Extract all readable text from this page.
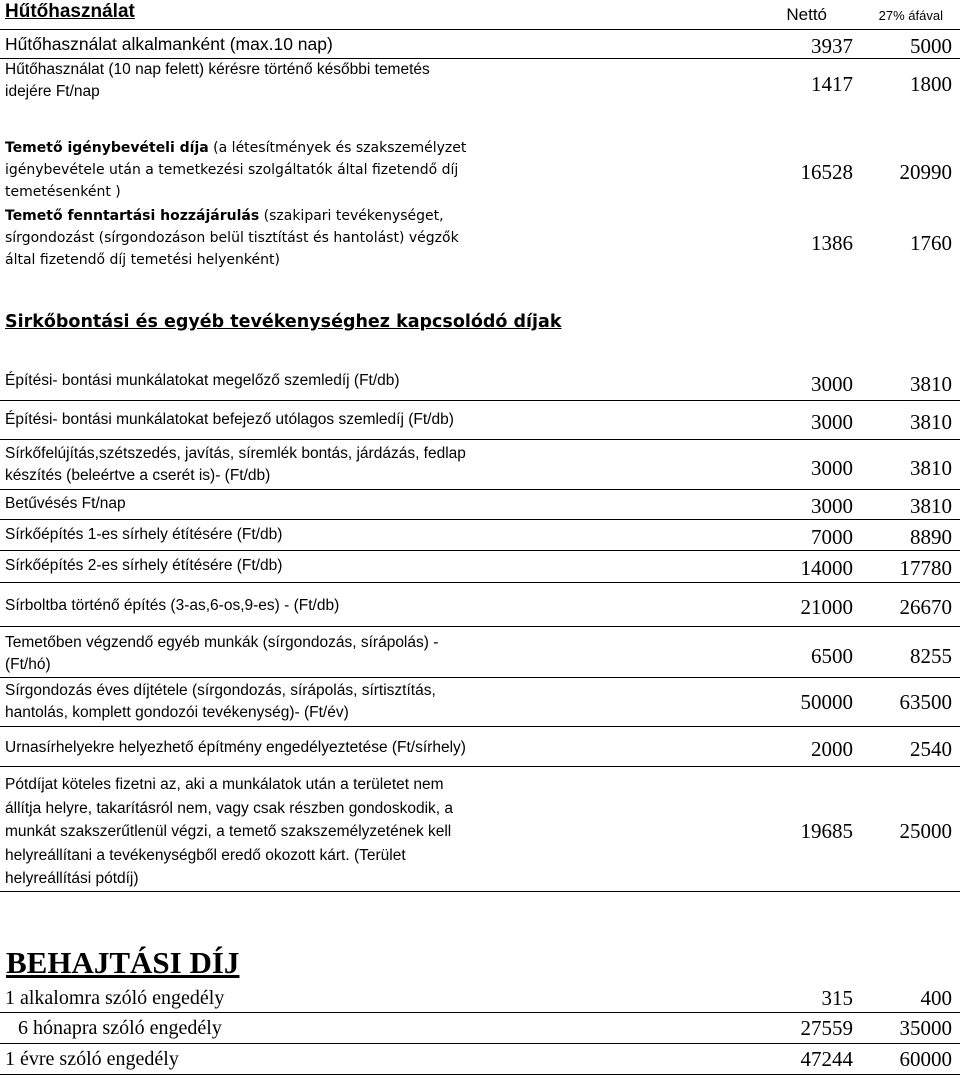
Hűtőhasználat	Nettó	27% áfával
Hűtőhasználat alkalmanként (max.10 nap)	3937	5000
Hűtőhasználat (10 nap felett) kérésre történő későbbi temetés
idejére Ft/nap	1417	1800
Temető igénybevételi díja (a létesítmények és szakszemélyzet
igénybevétele után a temetkezési szolgáltatók által fizetendő díj
temetésenként )
16528 20990
Temető fenntartási hozzájárulás (szakipari tevékenységet,
sírgondozást (sírgondozáson belül tisztítást és hantolást) végzők
által fizetendő díj temetési helyenként)
1386	1760
Sirkőbontási és egyéb tevékenységhez kapcsolódó díjak
Építési- bontási munkálatokat megelőző szemledíj (Ft/db)	3000	3810
Építési- bontási munkálatokat befejező utólagos szemledíj (Ft/db)	3000	3810
Sírkőfelújítás,szétszedés, javítás, síremlék bontás, járdázás, fedlap
készítés (beleértve a cserét is)- (Ft/db)	3000	3810
Betűvésés Ft/nap	3000	3810
Sírkőépítés 1-es sírhely étítésére (Ft/db)	7000	8890
Sírkőépítés 2-es sírhely étítésére (Ft/db)	14000 17780
Sírboltba történő építés (3-as,6-os,9-es) - (Ft/db)	21000 26670
Temetőben végzendő egyéb munkák (sírgondozás, sírápolás) -
(Ft/hó)	6500	8255
Sírgondozás éves díjtétele (sírgondozás, sírápolás, sírtisztítás,
hantolás, komplett gondozói tevékenység)- (Ft/év)	50000 63500
Urnasírhelyekre helyezhető építmény engedélyeztetése (Ft/sírhely)	2000	2540
Pótdíjat köteles fizetni az, aki a munkálatok után a területet nem
állítja helyre, takarításról nem, vagy csak részben gondoskodik, a
munkát szakszerűtlenül végzi, a temető szakszemélyzetének kell
helyreállítani a tevékenységből eredő okozott kárt. (Terület
helyreállítási pótdíj)
19685 25000
BEHAJTÁSI DÍJ
1 alkalomra szóló engedély	315	400
6 hónapra szóló engedély	27559 35000
1 évre szóló engedély	47244 60000
